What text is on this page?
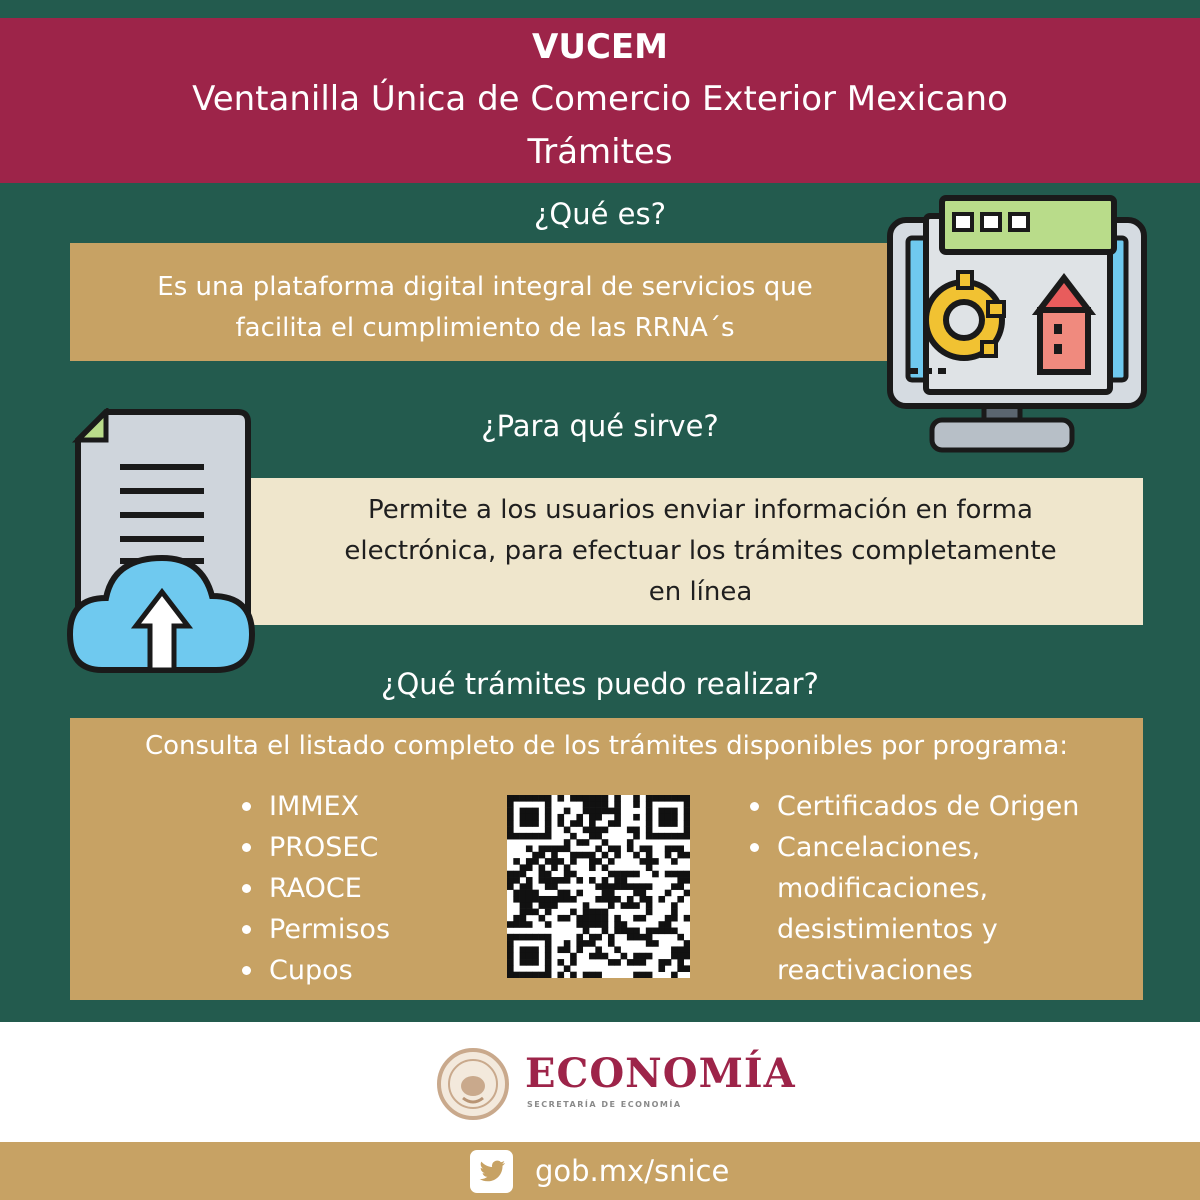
VUCEM
Ventanilla Única de Comercio Exterior Mexicano
Trámites
¿Qué es?
Es una plataforma digital integral de servicios que
facilita el cumplimiento de las RRNA´s
¿Para qué sirve?
Permite a los usuarios enviar información en forma
electrónica, para efectuar los trámites completamente
en línea
¿Qué trámites puedo realizar?
Consulta el listado completo de los trámites disponibles por programa:
IMMEX
PROSEC
RAOCE
Permisos
Cupos
Certificados de Origen
Cancelaciones,
modificaciones,
desistimientos y
reactivaciones
ECONOMÍA
SECRETARÍA DE ECONOMÍA
gob.mx/snice
